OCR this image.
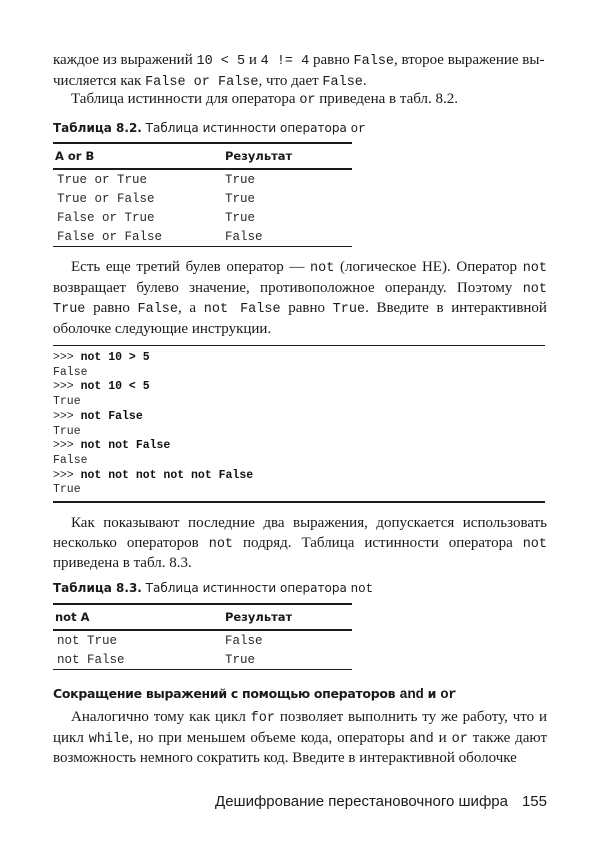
каждое из выражений 10 < 5 и 4 != 4 равно False, второе выражение вы-
числяется как False or False, что дает False.

Таблица истинности для оператора or приведена в табл. 8.2.

Таблица 8.2. Таблица истинности оператора or
A or B	Результат
True or True	True
True or False	True
False or True	True
False or False	False

Есть еще третий булев оператор — not (логическое НЕ). Оператор not возвращает булево значение, противоположное операнду. Поэтому not True равно False, а not False равно True. Введите в интерактивной оболочке следующие инструкции.

>>> not 10 > 5
False
>>> not 10 < 5
True
>>> not False
True
>>> not not False
False
>>> not not not not not False
True

Как показывают последние два выражения, допускается использовать несколько операторов not подряд. Таблица истинности оператора not приведена в табл. 8.3.

Таблица 8.3. Таблица истинности оператора not
not A	Результат
not True	False
not False	True
Сокращение выражений с помощью операторов and и or

Аналогично тому как цикл for позволяет выполнить ту же работу, что и цикл while, но при меньшем объеме кода, операторы and и or также дают возможность немного сократить код. Введите в интерактивной оболочке

Дешифрование перестановочного шифра 155
